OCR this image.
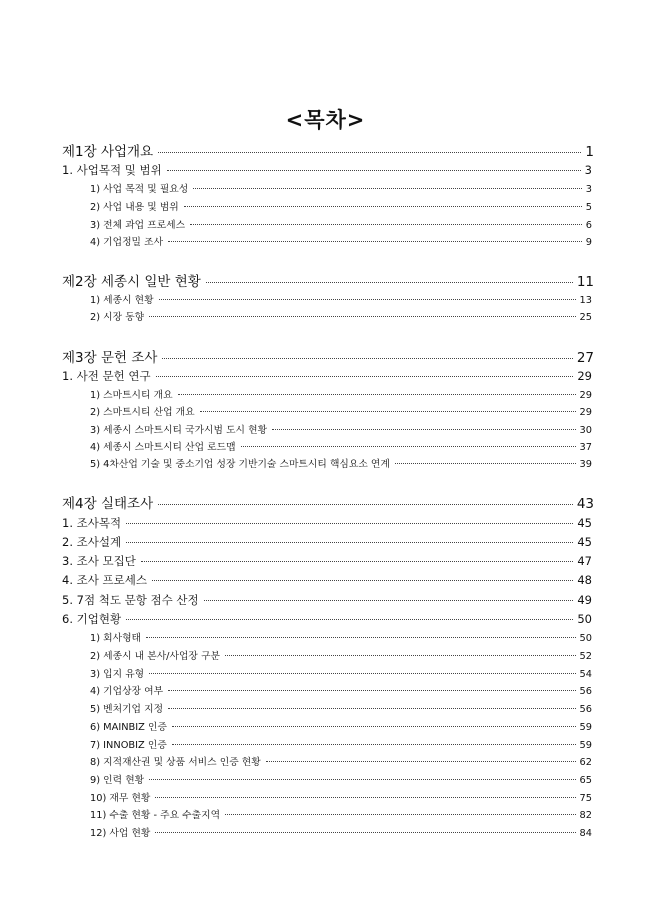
<목차>
제1장 사업개요	1
1. 사업목적 및 범위	3
1) 사업 목적 및 필요성	3
2) 사업 내용 및 범위	5
3) 전체 과업 프로세스	6
4) 기업정밀 조사	9
제2장 세종시 일반 현황	11
1) 세종시 현황	13
2) 시장 동향	25
제3장 문헌 조사	27
1. 사전 문헌 연구	29
1) 스마트시티 개요	29
2) 스마트시티 산업 개요	29
3) 세종시 스마트시티 국가시범 도시 현황	30
4) 세종시 스마트시티 산업 로드맵	37
5) 4차산업 기술 및 중소기업 성장 기반기술 스마트시티 핵심요소 연계	39
제4장 실태조사	43
1. 조사목적	45
2. 조사설계	45
3. 조사 모집단	47
4. 조사 프로세스	48
5. 7점 척도 문항 점수 산정	49
6. 기업현황	50
1) 회사형태	50
2) 세종시 내 본사/사업장 구분	52
3) 입지 유형	54
4) 기업상장 여부	56
5) 벤처기업 지정	56
6) MAINBIZ 인증	59
7) INNOBIZ 인증	59
8) 지적재산권 및 상품 서비스 인증 현황	62
9) 인력 현황	65
10) 재무 현황	75
11) 수출 현황 - 주요 수출지역	82
12) 사업 현황	84
